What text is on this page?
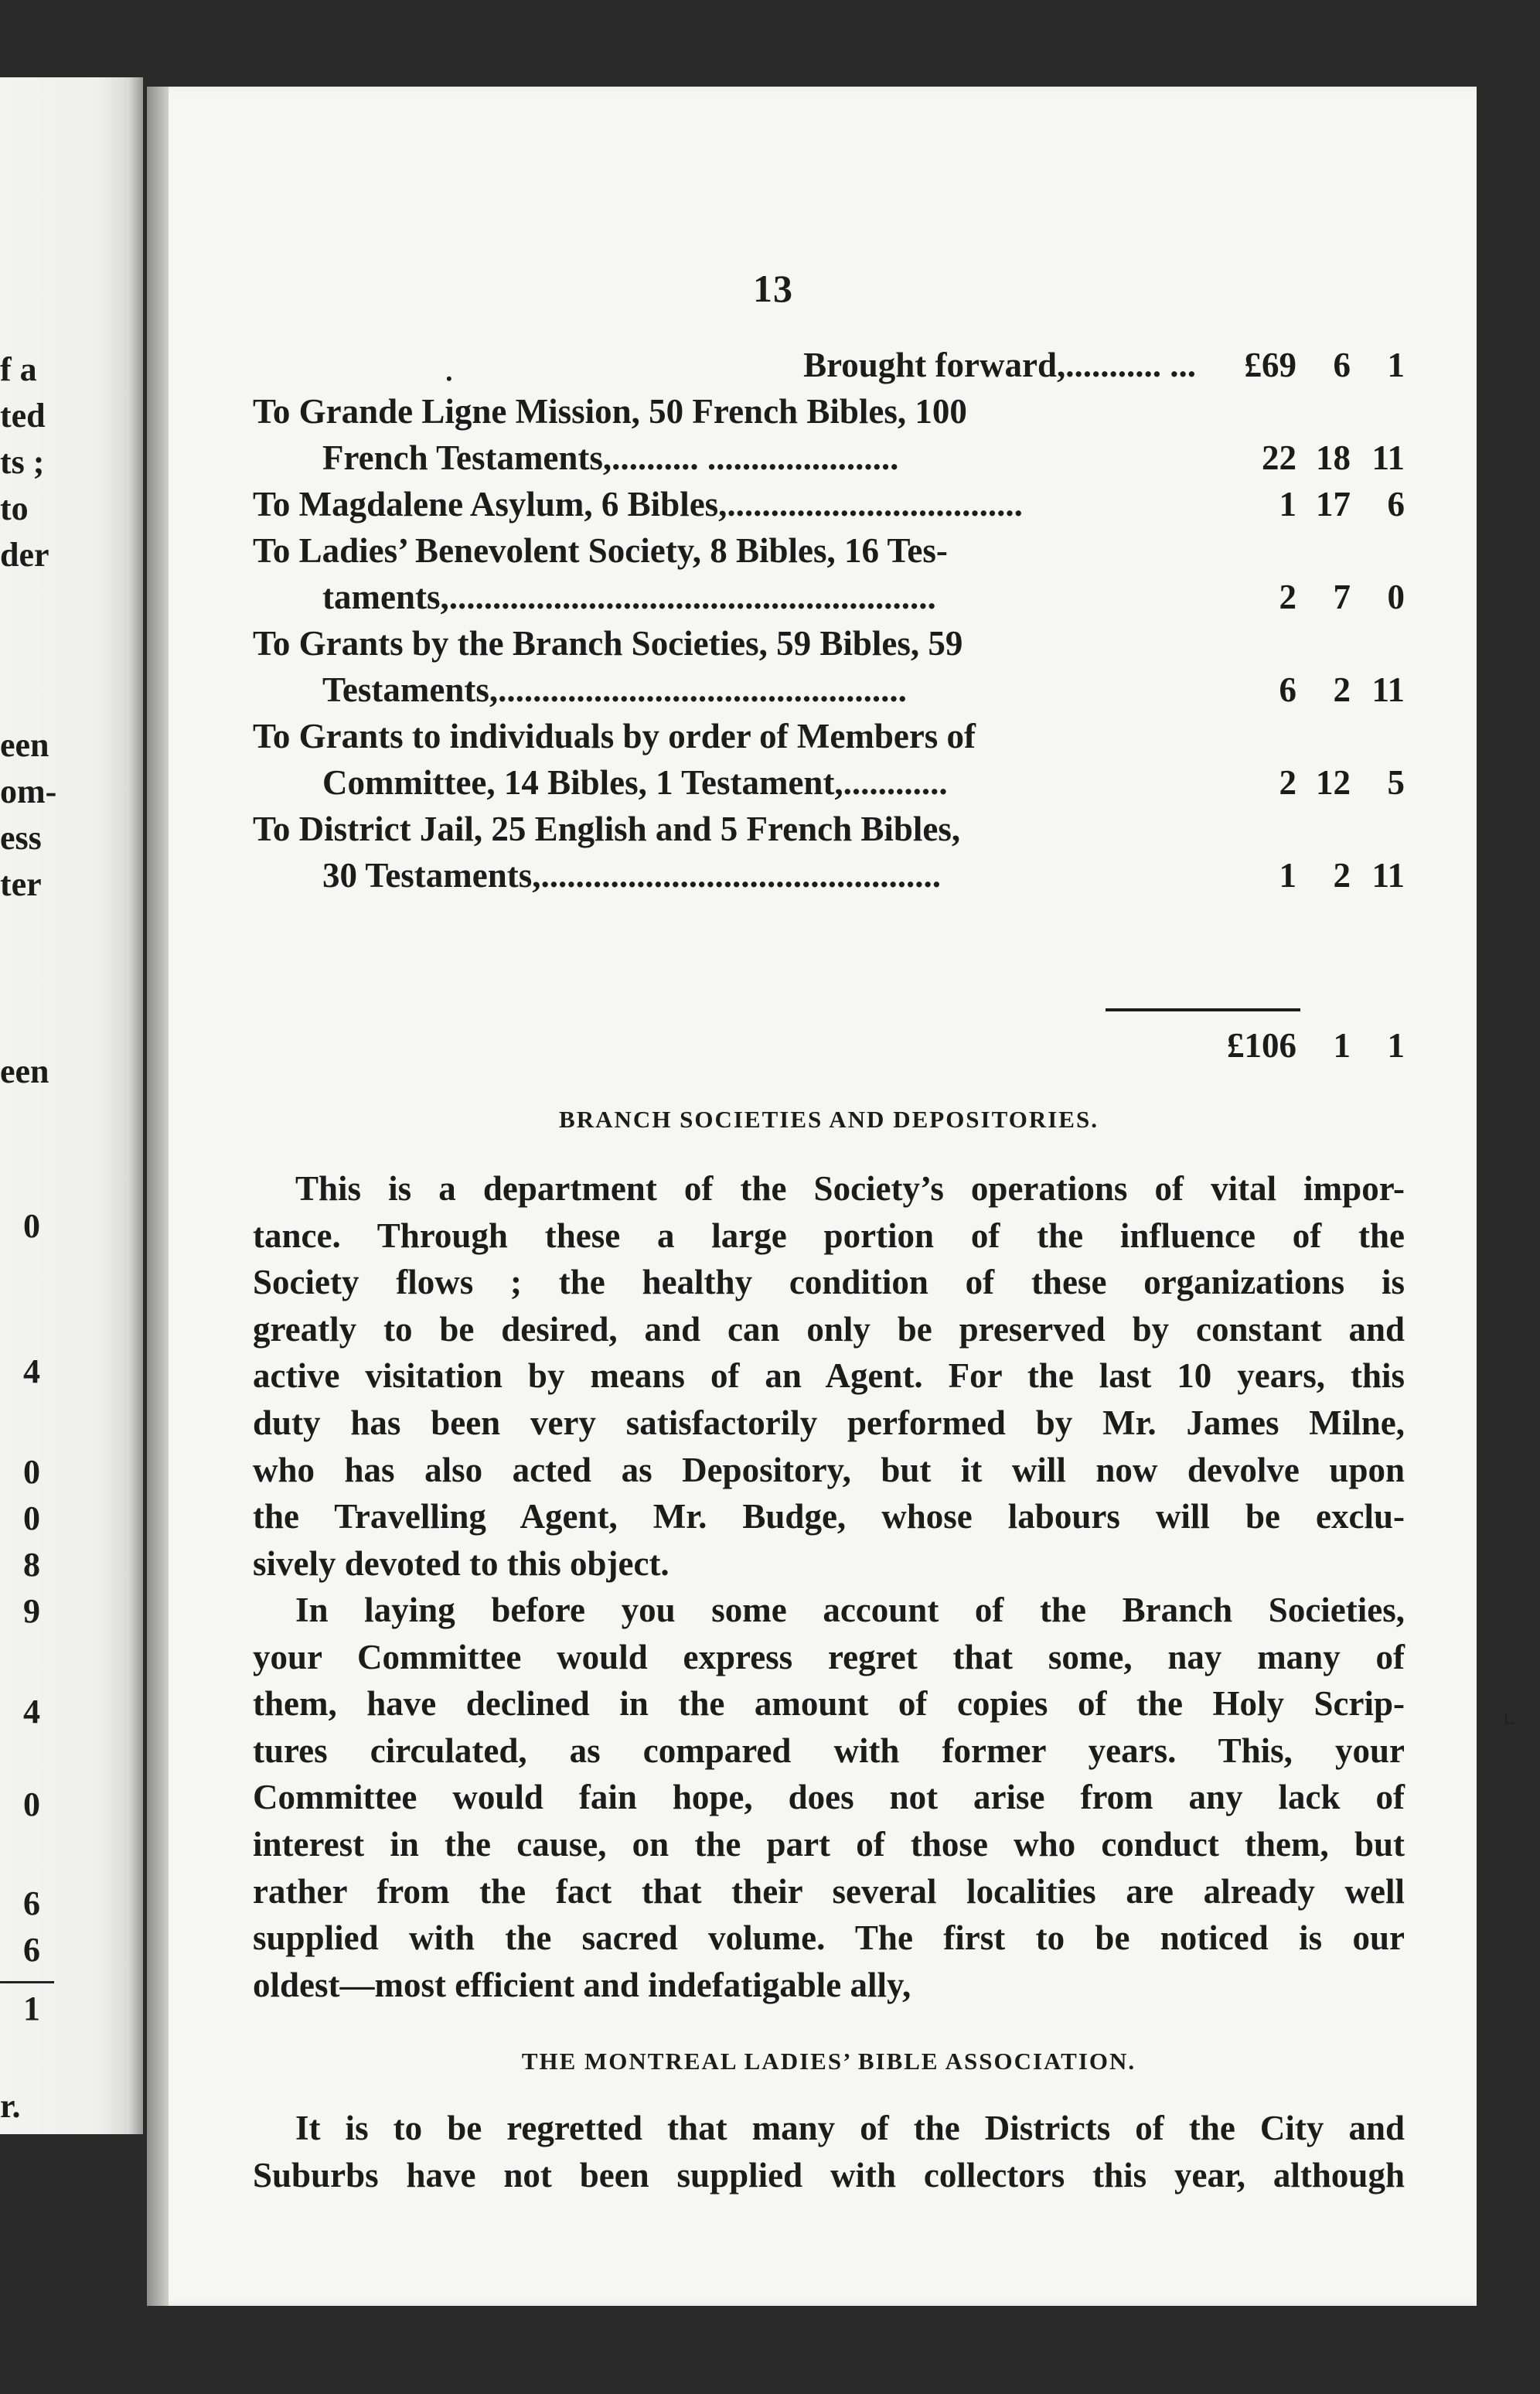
f a
ted
ts ;
to
der
een
om-
ess
ter
een
0
4
0
0
8
9
4
0
6
6
1
r.
13
•	Brought forward,........... ...	£69	6	1
To Grande Ligne Mission, 50 French Bibles, 100
French Testaments,.......... ......................	22 18 11
To Magdalene Asylum, 6 Bibles,..................................	1 17	6
To Ladies’ Benevolent Society, 8 Bibles, 16 Tes-
taments,........................................................	2	7	0
To Grants by the Branch Societies, 59 Bibles, 59
Testaments,...............................................	6	2 11
To Grants to individuals by order of Members of
Committee, 14 Bibles, 1 Testament,............	2 12	5
To District Jail, 25 English and 5 French Bibles,
30 Testaments,..............................................	1	2 11
£106	1	1
BRANCH SOCIETIES AND DEPOSITORIES.
This is a department of the Society’s operations of vital impor-
tance. Through these a large portion of the influence of the
Society flows ; the healthy condition of these organizations is
greatly to be desired, and can only be preserved by constant and
active visitation by means of an Agent. For the last 10 years, this
duty has been very satisfactorily performed by Mr. James Milne,
who has also acted as Depository, but it will now devolve upon
the Travelling Agent, Mr. Budge, whose labours will be exclu-
sively devoted to this object.
In laying before you some account of the Branch Societies,
your Committee would express regret that some, nay many of
them, have declined in the amount of copies of the Holy Scrip-
tures circulated, as compared with former years. This, your
Committee would fain hope, does not arise from any lack of
interest in the cause, on the part of those who conduct them, but
rather from the fact that their several localities are already well
supplied with the sacred volume. The first to be noticed is our
oldest—most efficient and indefatigable ally,
THE MONTREAL LADIES’ BIBLE ASSOCIATION.
It is to be regretted that many of the Districts of the City and
Suburbs have not been supplied with collectors this year, although
⌞
